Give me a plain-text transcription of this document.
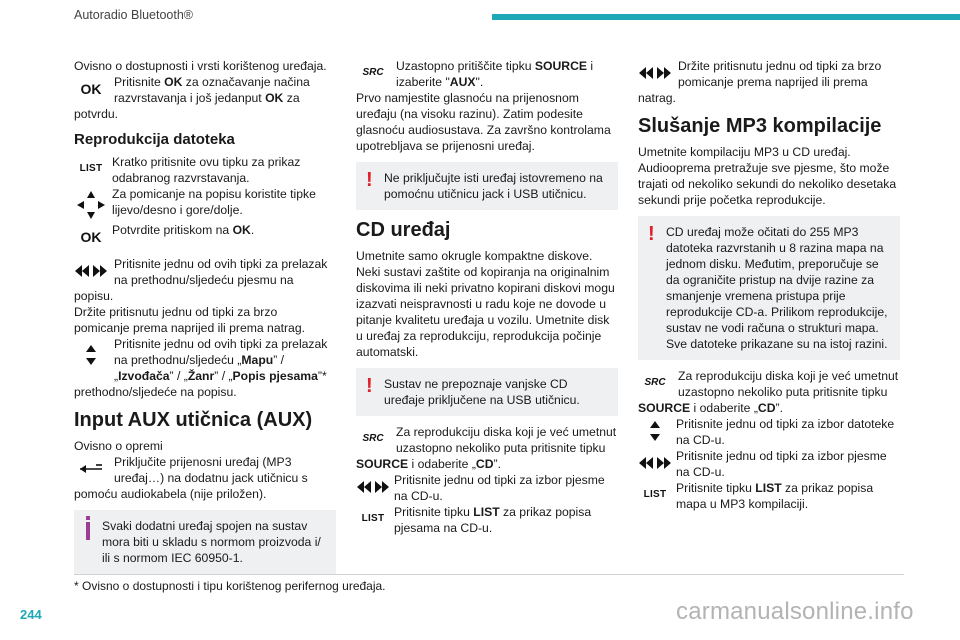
Autoradio Bluetooth®

Ovisno o dostupnosti i vrsti korištenog uređaja.

OK	Pritisnite OK za označavanje načina razvrstavanja i još jedanput OK za potvrdu.
Reprodukcija datoteka
LIST Kratko pritisnite ovu tipku za prikaz odabranog razvrstavanja.
Za pomicanje na popisu koristite tipke lijevo/desno i gore/dolje.
OK Potvrdite pritiskom na OK.
Pritisnite jednu od ovih tipki za prelazak na prethodnu/sljedeću pjesmu na popisu.

Držite pritisnutu jednu od tipki za brzo pomicanje prema naprijed ili prema natrag.

Pritisnite jednu od ovih tipki za prelazak na prethodnu/sljedeću „Mapu” / „Izvođača” / „Žanr” / „Popis pjesama”* prethodno/sljedeće na popisu.
Input AUX utičnica (AUX)

Ovisno o opremi

Priključite prijenosni uređaj (MP3 uređaj…) na dodatnu jack utičnicu s pomoću audiokabela (nije priložen).
Svaki dodatni uređaj spojen na sustav mora biti u skladu s normom proizvoda i/ ili s normom IEC 60950-1.
SRC	Uzastopno pritiščite tipku SOURCE i izaberite "AUX".

Prvo namjestite glasnoću na prijenosnom uređaju (na visoku razinu). Zatim podesite glasnoću audiosustava. Za završno kontrolama upotrebljava se prijenosni uređaj.

! Ne priključujte isti uređaj istovremeno na pomoćnu utičnicu jack i USB utičnicu.
CD uređaj

Umetnite samo okrugle kompaktne diskove. Neki sustavi zaštite od kopiranja na originalnim diskovima ili neki privatno kopirani diskovi mogu izazvati neispravnosti u radu koje ne dovode u pitanje kvalitetu uređaja u vozilu. Umetnite disk u uređaj za reprodukciju, reprodukcija počinje automatski.

! Sustav ne prepoznaje vanjske CD uređaje priključene na USB utičnicu.
SRC	Za reprodukciju diska koji je već umetnut uzastopno nekoliko puta pritisnite tipku SOURCE i odaberite „CD”.
Pritisnite jednu od tipki za izbor pjesme na CD-u.
LIST Pritisnite tipku LIST za prikaz popisa pjesama na CD-u.
Držite pritisnutu jednu od tipki za brzo pomicanje prema naprijed ili prema natrag.
Slušanje MP3 kompilacije

Umetnite kompilaciju MP3 u CD uređaj. Audiooprema pretražuje sve pjesme, što može trajati od nekoliko sekundi do nekoliko desetaka sekundi prije početka reprodukcije.

! CD uređaj može očitati do 255 MP3 datoteka razvrstanih u 8 razina mapa na jednom disku. Međutim, preporučuje se da ograničite pristup na dvije razine za smanjenje vremena pristupa prije reprodukcije CD-a. Prilikom reprodukcije, sustav ne vodi računa o strukturi mapa. Sve datoteke prikazane su na istoj razini.
SRC	Za reprodukciju diska koji je već umetnut uzastopno nekoliko puta pritisnite tipku SOURCE i odaberite „CD”.
Pritisnite jednu od tipki za izbor datoteke na CD-u.
Pritisnite jednu od tipki za izbor pjesme na CD-u.
LIST Pritisnite tipku LIST za prikaz popisa mapa u MP3 kompilaciji.
* Ovisno o dostupnosti i tipu korištenog perifernog uređaja.
244	carmanualsonline.info
